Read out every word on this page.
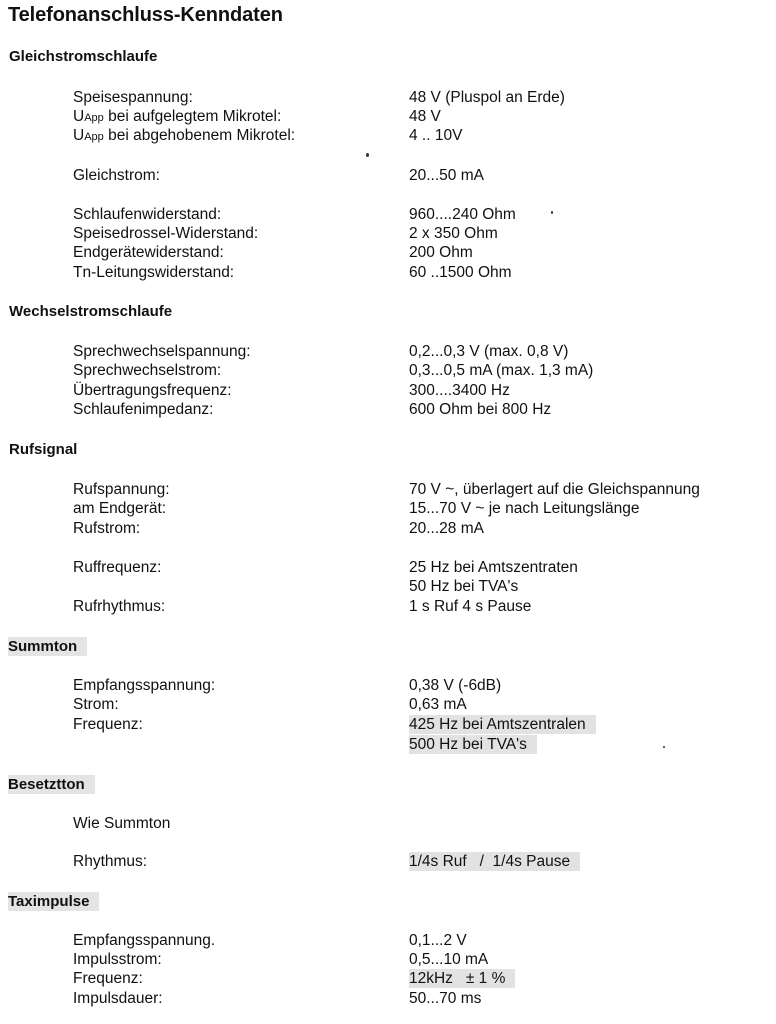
Telefonanschluss-Kenndaten
Gleichstromschlaufe
Speisespannung:	48 V (Pluspol an Erde)
UApp bei aufgelegtem Mikrotel:	48 V
UApp bei abgehobenem Mikrotel:	4 .. 10V
Gleichstrom:	20...50 mA
Schlaufenwiderstand:	960....240 Ohm
Speisedrossel-Widerstand:	2 x 350 Ohm
Endgerätewiderstand:	200 Ohm
Tn-Leitungswiderstand:	60 ..1500 Ohm
Wechselstromschlaufe
Sprechwechselspannung:	0,2...0,3 V (max. 0,8 V)
Sprechwechselstrom:	0,3...0,5 mA (max. 1,3 mA)
Übertragungsfrequenz:	300....3400 Hz
Schlaufenimpedanz:	600 Ohm bei 800 Hz
Rufsignal
Rufspannung:	70 V ~, überlagert auf die Gleichspannung
am Endgerät:	15...70 V ~ je nach Leitungslänge
Rufstrom:	20...28 mA
Ruffrequenz:	25 Hz bei Amtszentraten
50 Hz bei TVA's
Rufrhythmus:	1 s Ruf 4 s Pause
Summton
Empfangsspannung:	0,38 V (-6dB)
Strom:	0,63 mA
Frequenz:	425 Hz bei Amtszentralen
500 Hz bei TVA's
Besetztton
Wie Summton
Rhythmus:	1/4s Ruf   /  1/4s Pause
Taximpulse
Empfangsspannung.	0,1...2 V
Impulsstrom:	0,5...10 mA
Frequenz:	12kHz   ± 1 %
Impulsdauer:	50...70 ms
